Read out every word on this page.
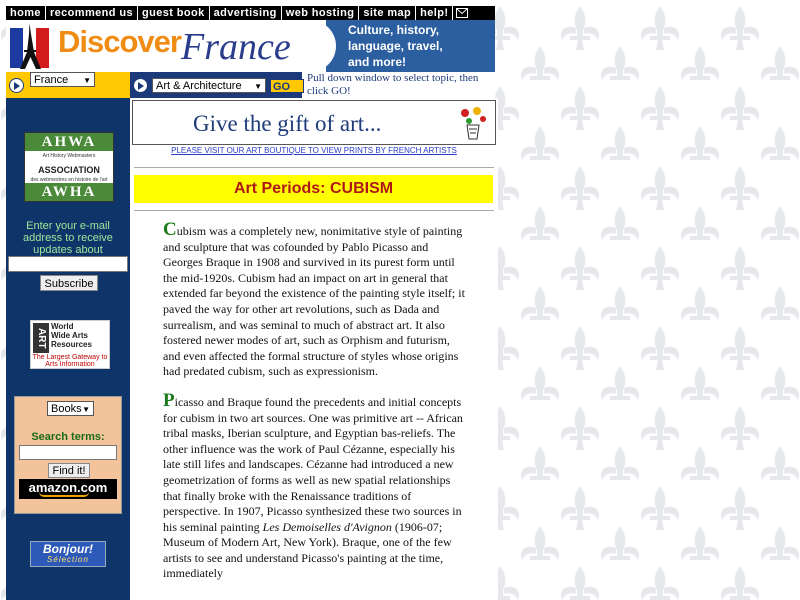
home recommend us guest book advertising web hosting site map help!
Discover France	Culture, history,
language, travel,
and more!
France ▼	Art & Architecture ▼ GO
Pull down window to select topic, then click GO!
AHWA
Art History Webmasters
ASSOCIATION
des webmestres en histoire de l'art
AWHA
Enter your e-mail address to receive updates about
Subscribe
ART
World
Wide Arts
Resources
The Largest Gateway to Arts Information
Books ▼
Search terms:
Find it!
amazon.com
Bonjour!
Sélection
Give the gift of art...
PLEASE VISIT OUR ART BOUTIQUE TO VIEW PRINTS BY FRENCH ARTISTS
Art Periods: CUBISM

Cubism was a completely new, nonimitative style of painting and sculpture that was cofounded by Pablo Picasso and Georges Braque in 1908 and survived in its purest form until the mid-1920s. Cubism had an impact on art in general that extended far beyond the existence of the painting style itself; it paved the way for other art revolutions, such as Dada and surrealism, and was seminal to much of abstract art. It also fostered newer modes of art, such as Orphism and futurism, and even affected the formal structure of styles whose origins had predated cubism, such as expressionism.

Picasso and Braque found the precedents and initial concepts for cubism in two art sources. One was primitive art -- African tribal masks, Iberian sculpture, and Egyptian bas-reliefs. The other influence was the work of Paul Cézanne, especially his late still lifes and landscapes. Cézanne had introduced a new geometrization of forms as well as new spatial relationships that finally broke with the Renaissance traditions of perspective. In 1907, Picasso synthesized these two sources in his seminal painting Les Demoiselles d'Avignon (1906-07; Museum of Modern Art, New York). Braque, one of the few artists to see and understand Picasso's painting at the time, immediately
